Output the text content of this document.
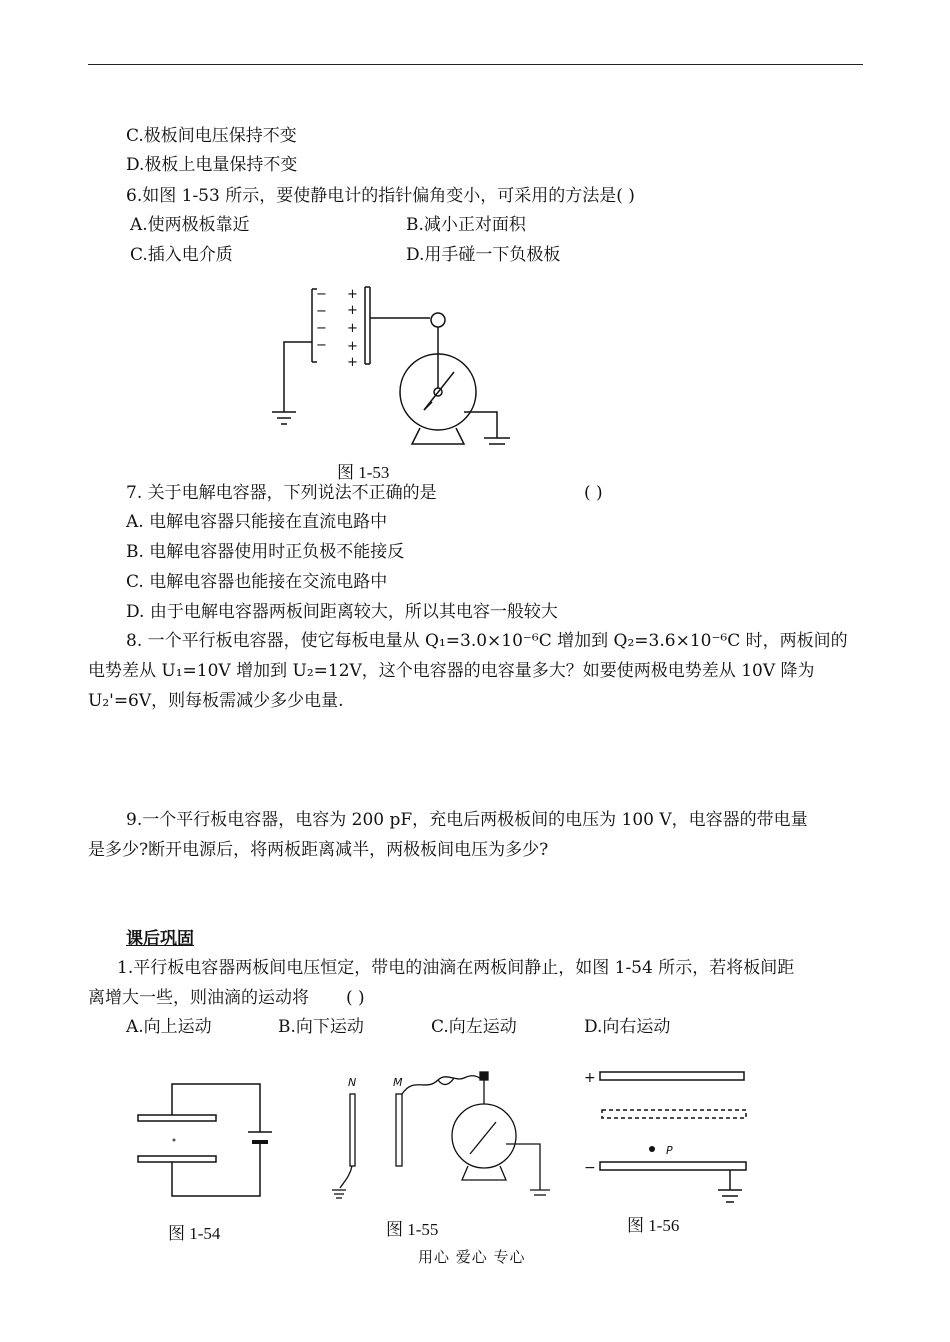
C.极板间电压保持不变
D.极板上电量保持不变
6.如图 1-53 所示，要使静电计的指针偏角变小，可采用的方法是( )
A.使两极板靠近	B.减小正对面积
C.插入电介质	D.用手碰一下负极板
−
−
−
−
+
+
+
+
+
图 1-53
7. 关于电解电容器，下列说法不正确的是	( )
A. 电解电容器只能接在直流电路中
B. 电解电容器使用时正负极不能接反
C. 电解电容器也能接在交流电路中
D. 由于电解电容器两板间距离较大，所以其电容一般较大
8. 一个平行板电容器，使它每板电量从 Q₁=3.0×10⁻⁶C 增加到 Q₂=3.6×10⁻⁶C 时，两板间的
电势差从 U₁=10V 增加到 U₂=12V，这个电容器的电容量多大？如要使两极电势差从 10V 降为
U₂'=6V，则每板需减少多少电量.
9.一个平行板电容器，电容为 200 pF，充电后两极板间的电压为 100 V，电容器的带电量
是多少?断开电源后，将两板距离减半，两极板间电压为多少?
课后巩固
1.平行板电容器两板间电压恒定，带电的油滴在两板间静止，如图 1-54 所示，若将板间距
离增大一些，则油滴的运动将 ( )
A.向上运动	B.向下运动	C.向左运动	D.向右运动
图 1-54
N	M
图 1-55
+
−
P
图 1-56
用心 爱心 专心
